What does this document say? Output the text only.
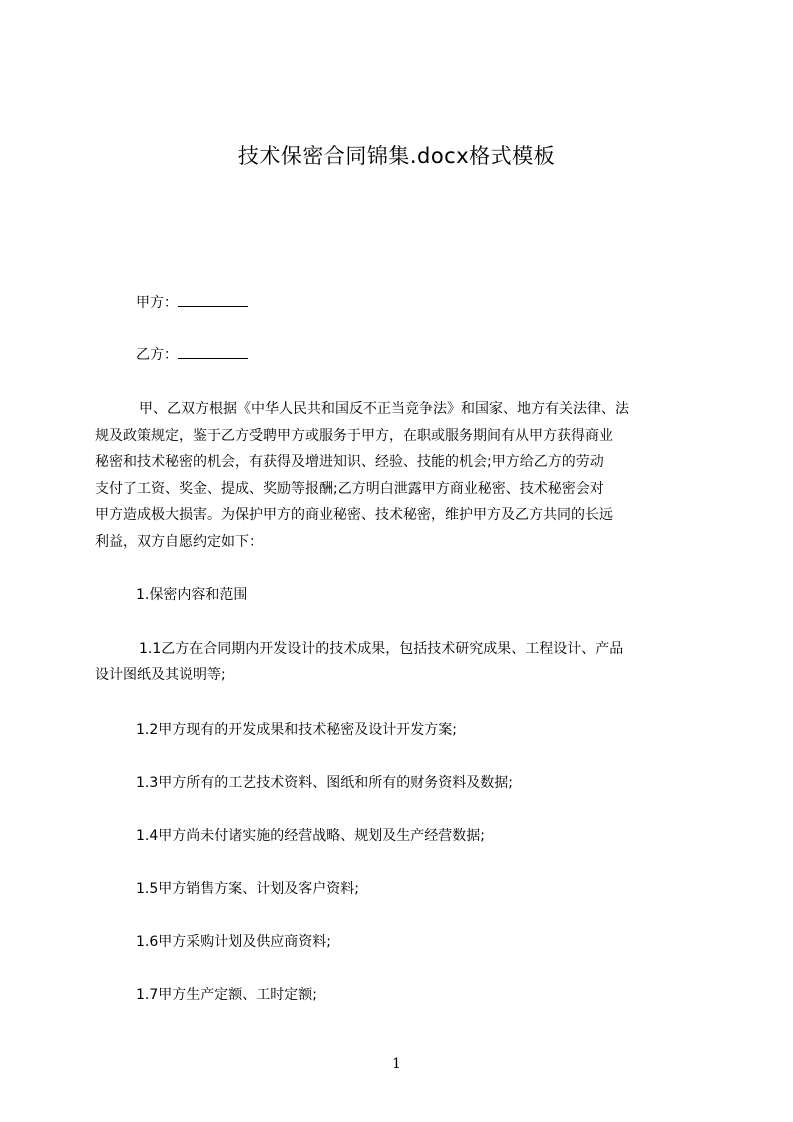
技术保密合同锦集.docx格式模板
甲方：
乙方：
甲、乙双方根据《中华人民共和国反不正当竞争法》和国家、地方有关法律、法
规及政策规定，鉴于乙方受聘甲方或服务于甲方，在职或服务期间有从甲方获得商业
秘密和技术秘密的机会，有获得及增进知识、经验、技能的机会;甲方给乙方的劳动
支付了工资、奖金、提成、奖励等报酬;乙方明白泄露甲方商业秘密、技术秘密会对
甲方造成极大损害。为保护甲方的商业秘密、技术秘密，维护甲方及乙方共同的长远
利益，双方自愿约定如下：
1.保密内容和范围
1.1乙方在合同期内开发设计的技术成果，包括技术研究成果、工程设计、产品
设计图纸及其说明等;
1.2甲方现有的开发成果和技术秘密及设计开发方案;
1.3甲方所有的工艺技术资料、图纸和所有的财务资料及数据;
1.4甲方尚未付诸实施的经营战略、规划及生产经营数据;
1.5甲方销售方案、计划及客户资料;
1.6甲方采购计划及供应商资料;
1.7甲方生产定额、工时定额;
1
